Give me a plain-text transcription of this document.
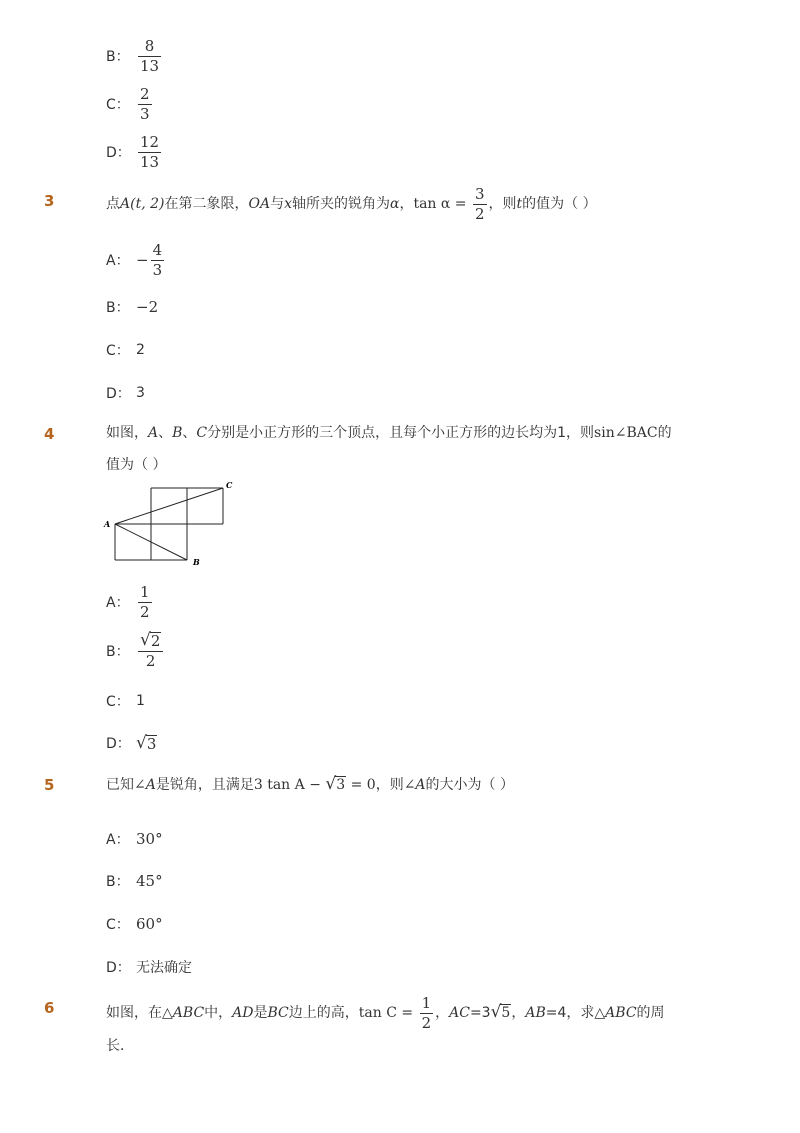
B： $\frac{8}{13}$
C： $\frac{2}{3}$
D： $\frac{12}{13}$
3	点A(t, 2)在第二象限，OA与x轴所夹的锐角为α，$\tan \alpha = \frac{3}{2}$ ，则t的值为（ ）
A： − $\frac{4}{3}$
B： −2
C： 2
D： 3
4	如图，A、B、C分别是小正方形的三个顶点，且每个小正方形的边长均为1，则sin∠BAC的
值为（ ）
A
B
C
A： $\frac{1}{2}$
B： $\frac{√ 2}{2}$
C： 1
D： √ 3
5	已知∠A是锐角，且满足3 tan A − √ 3 = 0，则∠A的大小为（ ）
A： 30°
B： 45°
C： 60°
D： 无法确定
6	如图，在△ABC中，AD是BC边上的高，$\tan C = \frac{1}{2}$ ，AC=3 √ 5 ，AB=4，求△ABC的周
长．
